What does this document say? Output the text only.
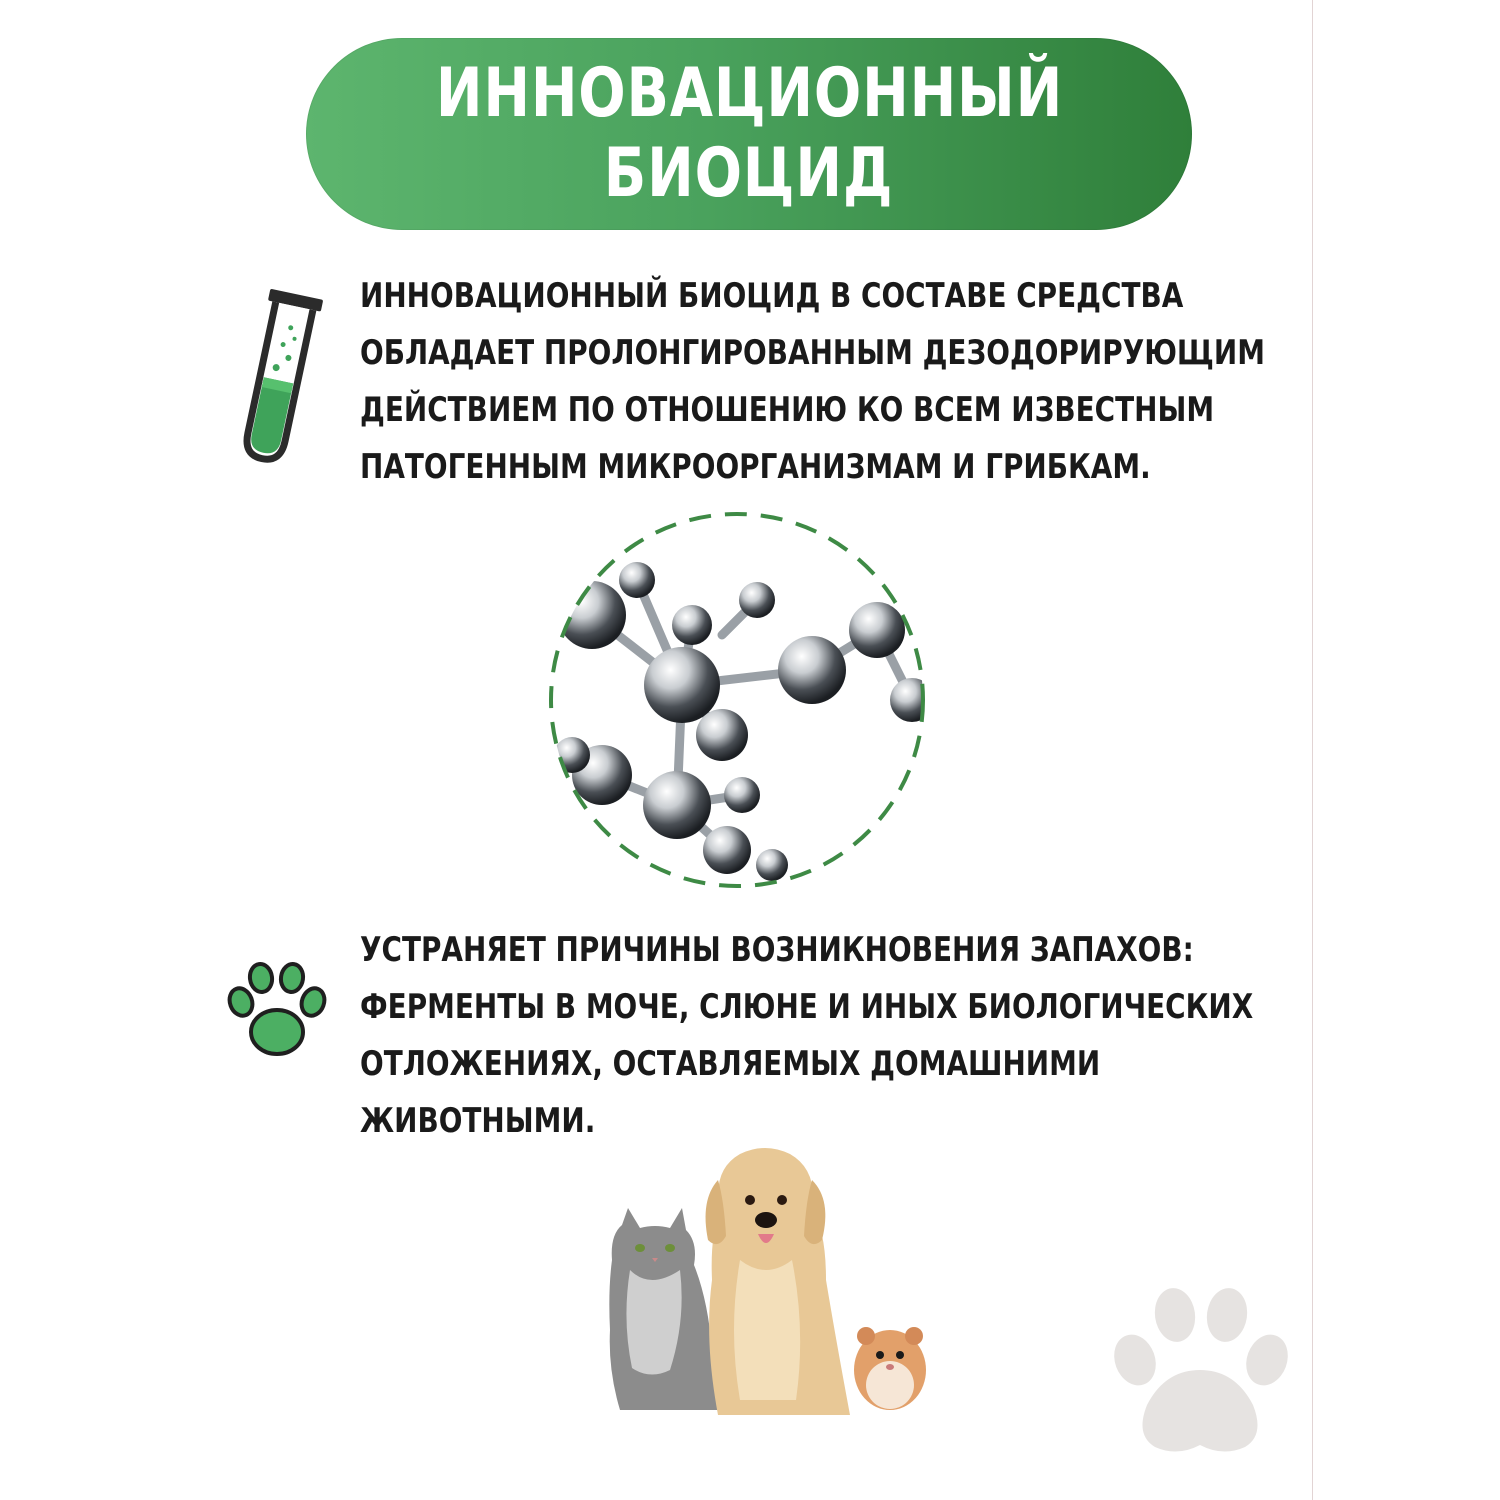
ИННОВАЦИОННЫЙ
БИОЦИД
ИННОВАЦИОННЫЙ БИОЦИД В СОСТАВЕ СРЕДСТВА
ОБЛАДАЕТ ПРОЛОНГИРОВАННЫМ ДЕЗОДОРИРУЮЩИМ
ДЕЙСТВИЕМ ПО ОТНОШЕНИЮ КО ВСЕМ ИЗВЕСТНЫМ
ПАТОГЕННЫМ МИКРООРГАНИЗМАМ И ГРИБКАМ.
УСТРАНЯЕТ ПРИЧИНЫ ВОЗНИКНОВЕНИЯ ЗАПАХОВ:
ФЕРМЕНТЫ В МОЧЕ, СЛЮНЕ И ИНЫХ БИОЛОГИЧЕСКИХ
ОТЛОЖЕНИЯХ, ОСТАВЛЯЕМЫХ ДОМАШНИМИ
ЖИВОТНЫМИ.
